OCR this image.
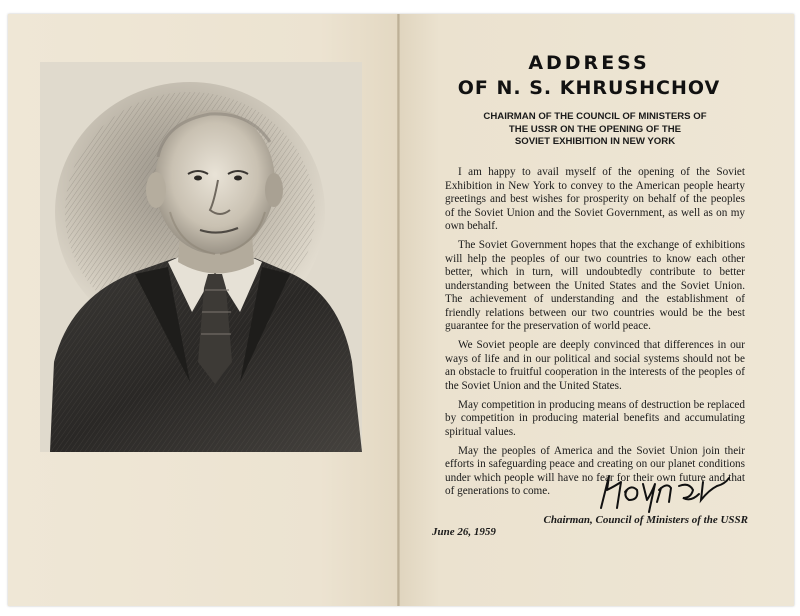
ADDRESS
OF N. S. KHRUSHCHOV
CHAIRMAN OF THE COUNCIL OF MINISTERS OF
THE USSR ON THE OPENING OF THE
SOVIET EXHIBITION IN NEW YORK

I am happy to avail myself of the opening of the Soviet Exhibition in New York to convey to the American people hearty greetings and best wishes for prosperity on behalf of the peoples of the Soviet Union and the Soviet Government, as well as on my own behalf.

The Soviet Government hopes that the exchange of exhibitions will help the peoples of our two countries to know each other better, which in turn, will undoubtedly contribute to better understanding between the United States and the Soviet Union. The achievement of understanding and the establishment of friendly relations between our two countries would be the best guarantee for the preservation of world peace.

We Soviet people are deeply convinced that differences in our ways of life and in our political and social systems should not be an obstacle to fruitful cooperation in the interests of the peoples of the Soviet Union and the United States.

May competition in producing means of destruction be replaced by competition in producing material benefits and accumulating spiritual values.

May the peoples of America and the Soviet Union join their efforts in safeguarding peace and creating on our planet conditions under which people will have no fear for their own future and that of generations to come.

Chairman, Council of Ministers of the USSR
June 26, 1959
